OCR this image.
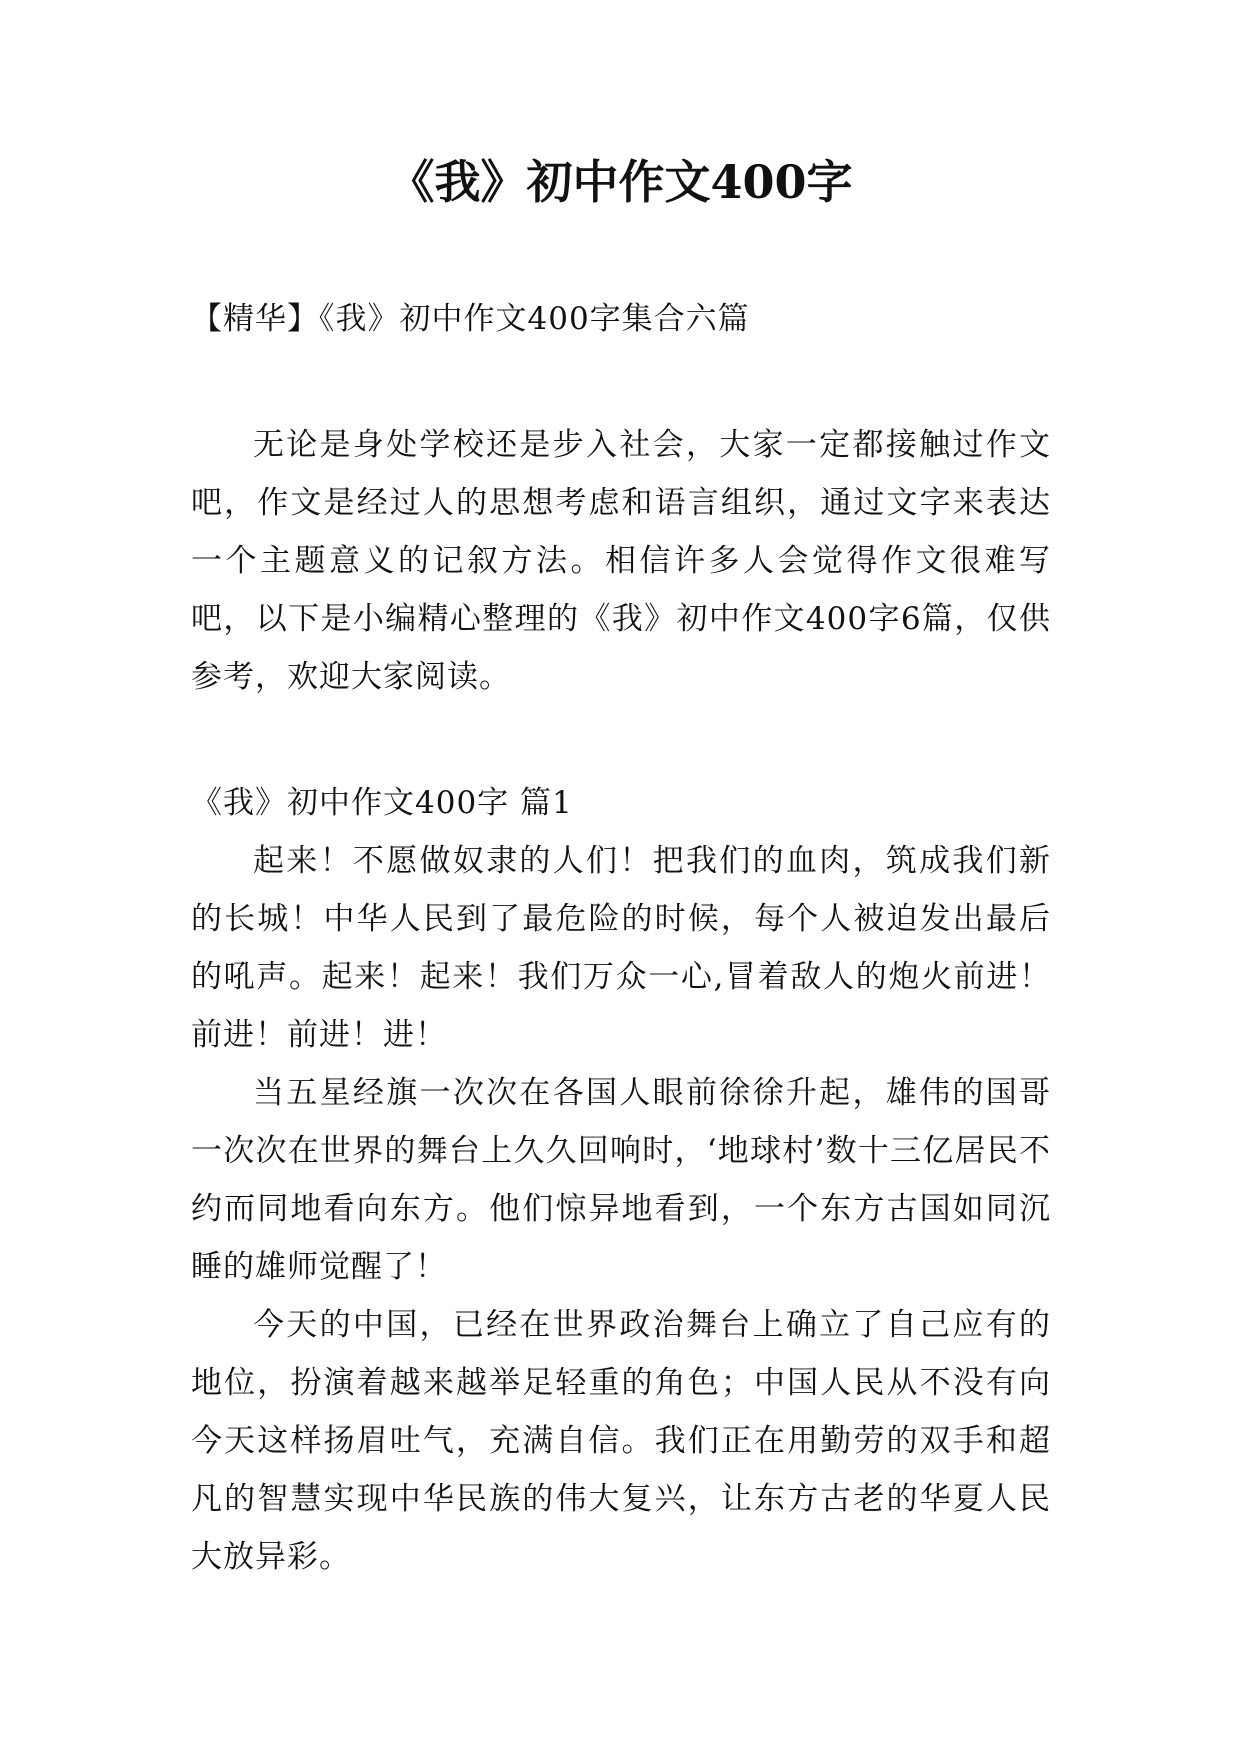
《我》初中作文400字

【精华】《我》初中作文400字集合六篇

无论是身处学校还是步入社会，大家一定都接触过作文吧，作文是经过人的思想考虑和语言组织，通过文字来表达一个主题意义的记叙方法。相信许多人会觉得作文很难写吧，以下是小编精心整理的《我》初中作文400字6篇，仅供参考，欢迎大家阅读。

《我》初中作文400字 篇1

起来！不愿做奴隶的人们！把我们的血肉，筑成我们新的长城！中华人民到了最危险的时候，每个人被迫发出最后的吼声。起来！起来！我们万众一心,冒着敌人的炮火前进！前进！前进！进！

当五星经旗一次次在各国人眼前徐徐升起，雄伟的国哥一次次在世界的舞台上久久回响时，‘地球村’数十三亿居民不约而同地看向东方。他们惊异地看到，一个东方古国如同沉睡的雄师觉醒了！

今天的中国，已经在世界政治舞台上确立了自己应有的地位，扮演着越来越举足轻重的角色；中国人民从不没有向今天这样扬眉吐气，充满自信。我们正在用勤劳的双手和超凡的智慧实现中华民族的伟大复兴，让东方古老的华夏人民大放异彩。
